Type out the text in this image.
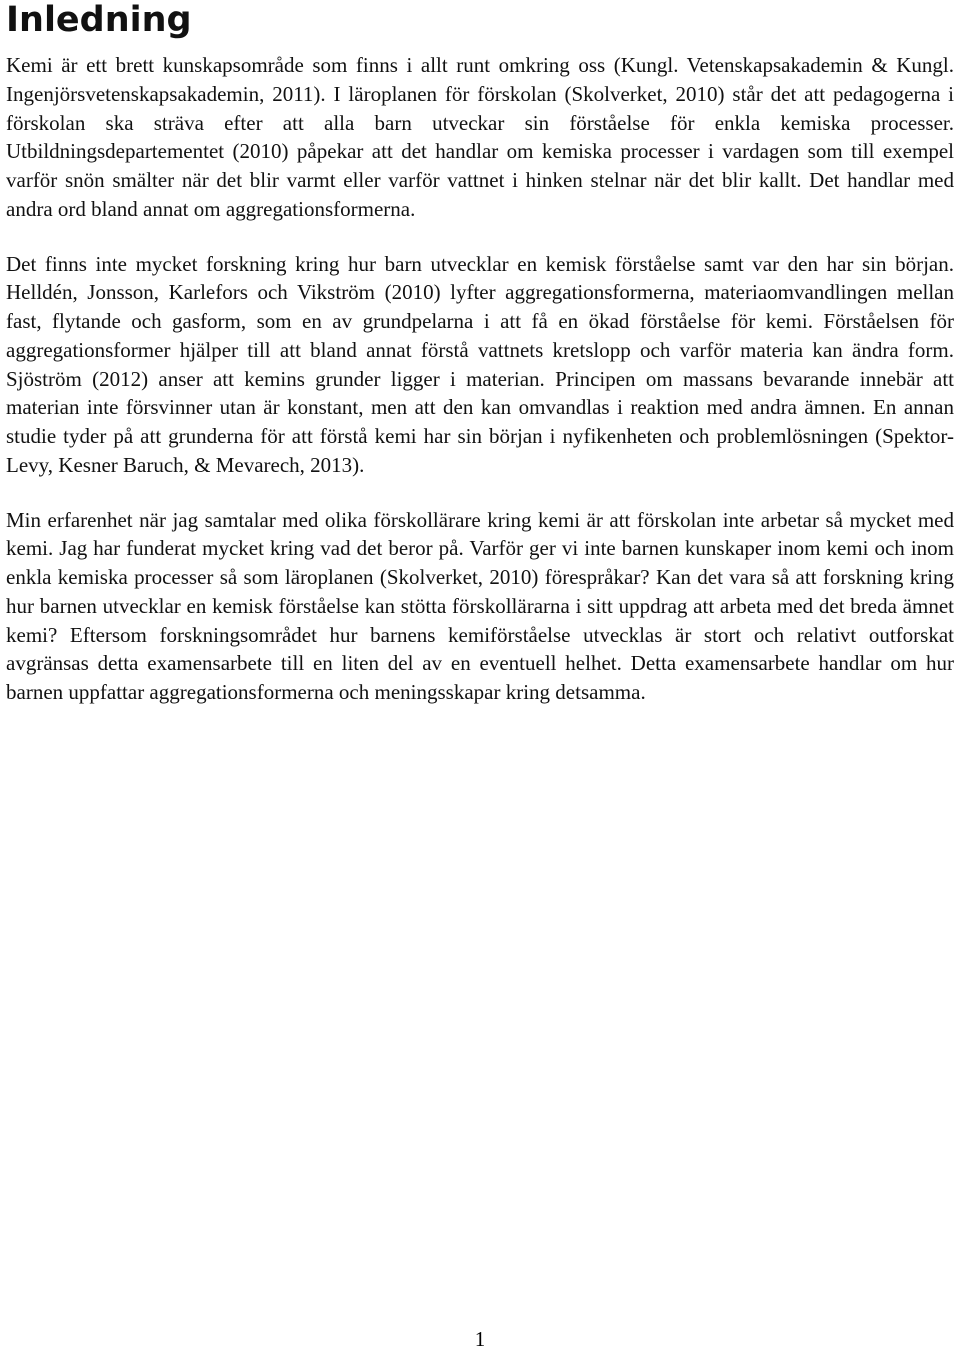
Inledning

Kemi är ett brett kunskapsområde som finns i allt runt omkring oss (Kungl. Vetenskapsakademin & Kungl. Ingenjörsvetenskapsakademin, 2011). I läroplanen för förskolan (Skolverket, 2010) står det att pedagogerna i förskolan ska sträva efter att alla barn utveckar sin förståelse för enkla kemiska processer. Utbildningsdepartementet (2010) påpekar att det handlar om kemiska processer i vardagen som till exempel varför snön smälter när det blir varmt eller varför vattnet i hinken stelnar när det blir kallt. Det handlar med andra ord bland annat om aggregationsformerna.

Det finns inte mycket forskning kring hur barn utvecklar en kemisk förståelse samt var den har sin början. Helldén, Jonsson, Karlefors och Vikström (2010) lyfter aggregationsformerna, materiaomvandlingen mellan fast, flytande och gasform, som en av grundpelarna i att få en ökad förståelse för kemi. Förståelsen för aggregationsformer hjälper till att bland annat förstå vattnets kretslopp och varför materia kan ändra form. Sjöström (2012) anser att kemins grunder ligger i materian. Principen om massans bevarande innebär att materian inte försvinner utan är konstant, men att den kan omvandlas i reaktion med andra ämnen. En annan studie tyder på att grunderna för att förstå kemi har sin början i nyfikenheten och problemlösningen (Spektor-Levy, Kesner Baruch, & Mevarech, 2013).

Min erfarenhet när jag samtalar med olika förskollärare kring kemi är att förskolan inte arbetar så mycket med kemi. Jag har funderat mycket kring vad det beror på. Varför ger vi inte barnen kunskaper inom kemi och inom enkla kemiska processer så som läroplanen (Skolverket, 2010) förespråkar? Kan det vara så att forskning kring hur barnen utvecklar en kemisk förståelse kan stötta förskollärarna i sitt uppdrag att arbeta med det breda ämnet kemi? Eftersom forskningsområdet hur barnens kemiförståelse utvecklas är stort och relativt outforskat avgränsas detta examensarbete till en liten del av en eventuell helhet. Detta examensarbete handlar om hur barnen uppfattar aggregationsformerna och meningsskapar kring detsamma.

1
